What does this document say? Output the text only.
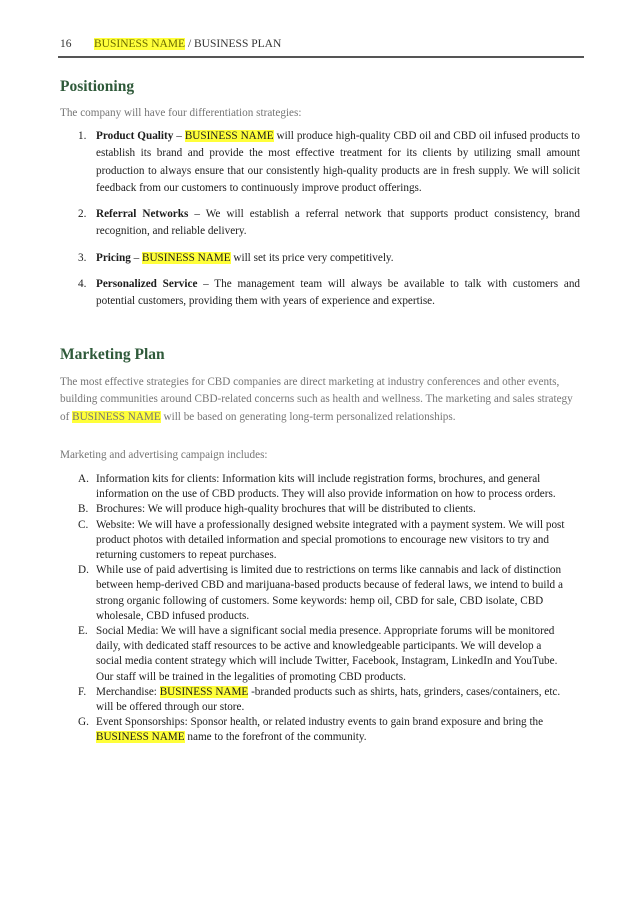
16 BUSINESS NAME / BUSINESS PLAN
Positioning
The company will have four differentiation strategies:
1. Product Quality – BUSINESS NAME will produce high-quality CBD oil and CBD oil infused products to establish its brand and provide the most effective treatment for its clients by utilizing small amount production to always ensure that our consistently high-quality products are in fresh supply. We will solicit feedback from our customers to continuously improve product offerings.
2. Referral Networks – We will establish a referral network that supports product consistency, brand recognition, and reliable delivery.
3. Pricing – BUSINESS NAME will set its price very competitively.
4. Personalized Service – The management team will always be available to talk with customers and potential customers, providing them with years of experience and expertise.
Marketing Plan
The most effective strategies for CBD companies are direct marketing at industry conferences and other events, building communities around CBD-related concerns such as health and wellness. The marketing and sales strategy of BUSINESS NAME will be based on generating long-term personalized relationships.
Marketing and advertising campaign includes:
A. Information kits for clients: Information kits will include registration forms, brochures, and general information on the use of CBD products. They will also provide information on how to process orders.
B. Brochures: We will produce high-quality brochures that will be distributed to clients.
C. Website: We will have a professionally designed website integrated with a payment system. We will post product photos with detailed information and special promotions to encourage new visitors to try and returning customers to repeat purchases.
D. While use of paid advertising is limited due to restrictions on terms like cannabis and lack of distinction between hemp-derived CBD and marijuana-based products because of federal laws, we intend to build a strong organic following of customers. Some keywords: hemp oil, CBD for sale, CBD isolate, CBD wholesale, CBD infused products.
E. Social Media: We will have a significant social media presence. Appropriate forums will be monitored daily, with dedicated staff resources to be active and knowledgeable participants. We will develop a social media content strategy which will include Twitter, Facebook, Instagram, LinkedIn and YouTube. Our staff will be trained in the legalities of promoting CBD products.
F. Merchandise: BUSINESS NAME -branded products such as shirts, hats, grinders, cases/containers, etc. will be offered through our store.
G. Event Sponsorships: Sponsor health, or related industry events to gain brand exposure and bring the BUSINESS NAME name to the forefront of the community.
